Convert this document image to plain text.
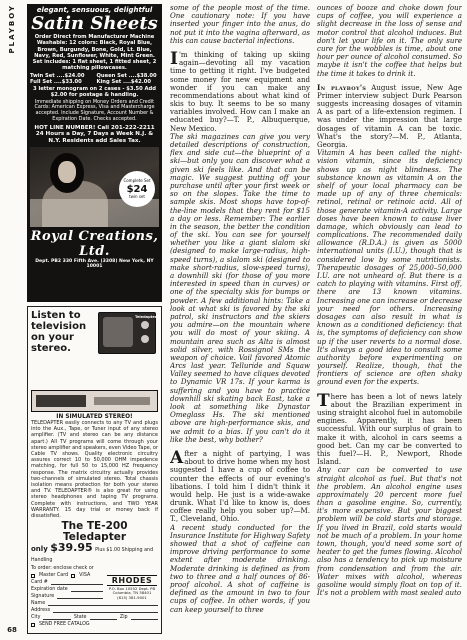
PLAYBOY
68
elegant, sensuous, delightful
Satin Sheets
Order Direct from Manufacturer Machine Washable: 12 colors: Black, Royal Blue, Brown, Burgundy, Bone, Gold, Lt. Blue, Navy, Red, Sunflower, White, Mint Green. Set includes: 1 flat sheet, 1 fitted sheet, 2 matching pillowcases.
Twin Set ....$24.00	Queen Set ....$38.00
Full Set ....$33.00	King Set ....$42.00
3 letter monogram on 2 cases - $3.50 Add $2.00 for postage & handling.
Immediate shipping on Money Orders and Credit Cards: American Express, Visa and Mastercharge accepted. Include Signature, Account Number & Expiration Date. Checks accepted.
HOT LINE NUMBER! Call 201-222-2211 24 Hours a Day, 7 Days a Week N.J. & N.Y. Residents add Sales Tax.
Complete Set
$24
twin set
Royal Creations, Ltd.
Dept. PB2 330 Fifth Ave. (3308) New York, NY 10001
Listen to television on your stereo.
Teledapter
IN SIMULATED STEREO!
TELEDAPTER easily connects to any TV and plugs into the Aux., Tape, or Tuner input of any stereo amplifier. (TV and stereo can be any distance apart.) All TV programs will come through your stereo amplifier and speakers, even Video Tape, or Cable TV shows. Quality electronic circuitry assures correct 10 to 50,000 OHM impedence matching, for full 50 to 15,000 HZ frequency response. The matrix circuitry actually provides two-channels of simulated stereo. Total chassis isolation means protection for both your stereo and TV. TELEDAPTER® is also great for using stereo headphones and taping TV programs. Complete with instructions, and TWO YEAR WARRANTY. 15 day trial or money back if dissatisfied.
The TE-200 Teledapter
only $39.95 Plus $1.00 Shipping and Handling
To order: enclose check or
Master Card VISA
Card #
Expiration date
Signature
Name
Address
City	State	Zip
SEND FREE CATALOG
RHODES
P.O. Box 10552 Dept. PB Columbia, TN 38401 (615) 381-9001

some of the people most of the time. One cautionary note: If you have inserted your finger into the anus, do not put it into the vagina afterward, as this can cause bacterial infections.

I 'm thinking of taking up skiing again—devoting all my vacation time to getting it right. I've budgeted some money for new equipment and wonder if you can make any recommendations about what kind of skis to buy. It seems to be so many variables involved. How can I make an educated buy?—T. P., Albuquerque, New Mexico.

The ski magazines can give you very detailed descriptions of construction, flex and side cut—the blueprint of a ski—but only you can discover what a given ski feels like. And that can be magic. We suggest putting off your purchase until after your first week or so on the slopes. Take the time to sample skis. Most shops have top-of-the-line models that they rent for $15 a day or less. Remember: The earlier in the season, the better the condition of the ski. You can see for yourself whether you like a giant slalom ski (designed to make large-radius, high-speed turns), a slalom ski (designed to make short-radius, slow-speed turns), a downhill ski (for those of you more interested in speed than in curves) or one of the specialty skis for bumps or powder. A few additional hints: Take a look at what ski is favored by the ski patrol, ski instructors and the skiers you admire—on the mountain where you will do most of your skiing. A mountain area such as Alta is almost solid silver, with Rossignol SMs the weapon of choice. Vail favored Atomic Arcs last year. Telluride and Squaw Valley seemed to have cliques devoted to Dynamic VR 17s. If your karma is suffering and you have to practice downhill ski skating back East, take a look at something like Dynastar Omeglass Hs. The ski mentioned above are high-performance skis, and we admit to a bias. If you can't do it like the best, why bother?

After a night of partying, I was about to drive home when my host suggested I have a cup of coffee to counter the effects of our evening's libations. I told him I didn't think it would help. He just is a wide-awake drunk. What I'd like to know is, does coffee really help you sober up?—M. T., Cleveland, Ohio.

A recent study conducted for the Insurance Institute for Highway Safety showed that a shot of caffeine can improve driving performance to some extent after moderate drinking. Moderate drinking is defined as from two to three and a half ounces of 86-proof alcohol. A shot of caffeine is defined as the amount in two to four cups of coffee. In other words, if you can keep yourself to three

ounces of booze and choke down four cups of coffee, you will experience a slight decrease in the loss of sense and motor control that alcohol induces. But don't let your life on it. The only sure cure for the wobbles is time, about one hour per ounce of alcohol consumed. So maybe it isn't the coffee that helps but the time it takes to drink it.

In playboy's August issue, New Age Primer interview subject Durk Pearson suggests increasing dosages of vitamin A as part of a life-extension regimen. I was under the impression that large dosages of vitamin A can be toxic. What's the story?—M. P., Atlanta, Georgia.

Vitamin A has been called the night-vision vitamin, since its deficiency shows up as night blindness. The substance known as vitamin A on the shelf of your local pharmacy can be made up of any of three chemicals: retinol, retinal or retinoic acid. All of those generate vitamin-A activity. Large doses have been known to cause liver damage, which obviously can lead to complications. The recommended daily allowance (R.D.A.) is given as 5000 international units (I.U.), though that is considered low by some nutritionists. Therapeutic dosages of 25,000–50,000 I.U. are not unheard of. But there is a catch to playing with vitamins. First off, there are 13 known vitamins. Increasing one can increase or decrease your need for others. Increasing dosages can also result in what is known as a conditioned deficiency: that is, the symptoms of deficiency can show up if the user reverts to a normal dose. It's always a good idea to consult some authority before experimenting on yourself. Realize, though, that the frontiers of science are often shaky ground even for the experts.

There has been a lot of news lately about the Brazilian experiment in using straight alcohol fuel in automobile engines. Apparently, it has been successful. With our surplus of grain to make it with, alcohol in cars seems a good bet. Can my car be converted to this fuel?—H. P., Newport, Rhode Island.

Any car can be converted to use straight alcohol as fuel. But that's not the problem. An alcohol engine uses approximately 20 percent more fuel than a gasoline engine. So, currently, it's more expensive. But your biggest problem will be cold starts and storage. If you lived in Brazil, cold starts would not be much of a problem. In your home town, though, you'd need some sort of heater to get the fumes flowing. Alcohol also has a tendency to pick up moisture from condensation and from the air. Water mixes with alcohol, whereas gasoline would simply float on top of it. It's not a problem with most sealed auto
